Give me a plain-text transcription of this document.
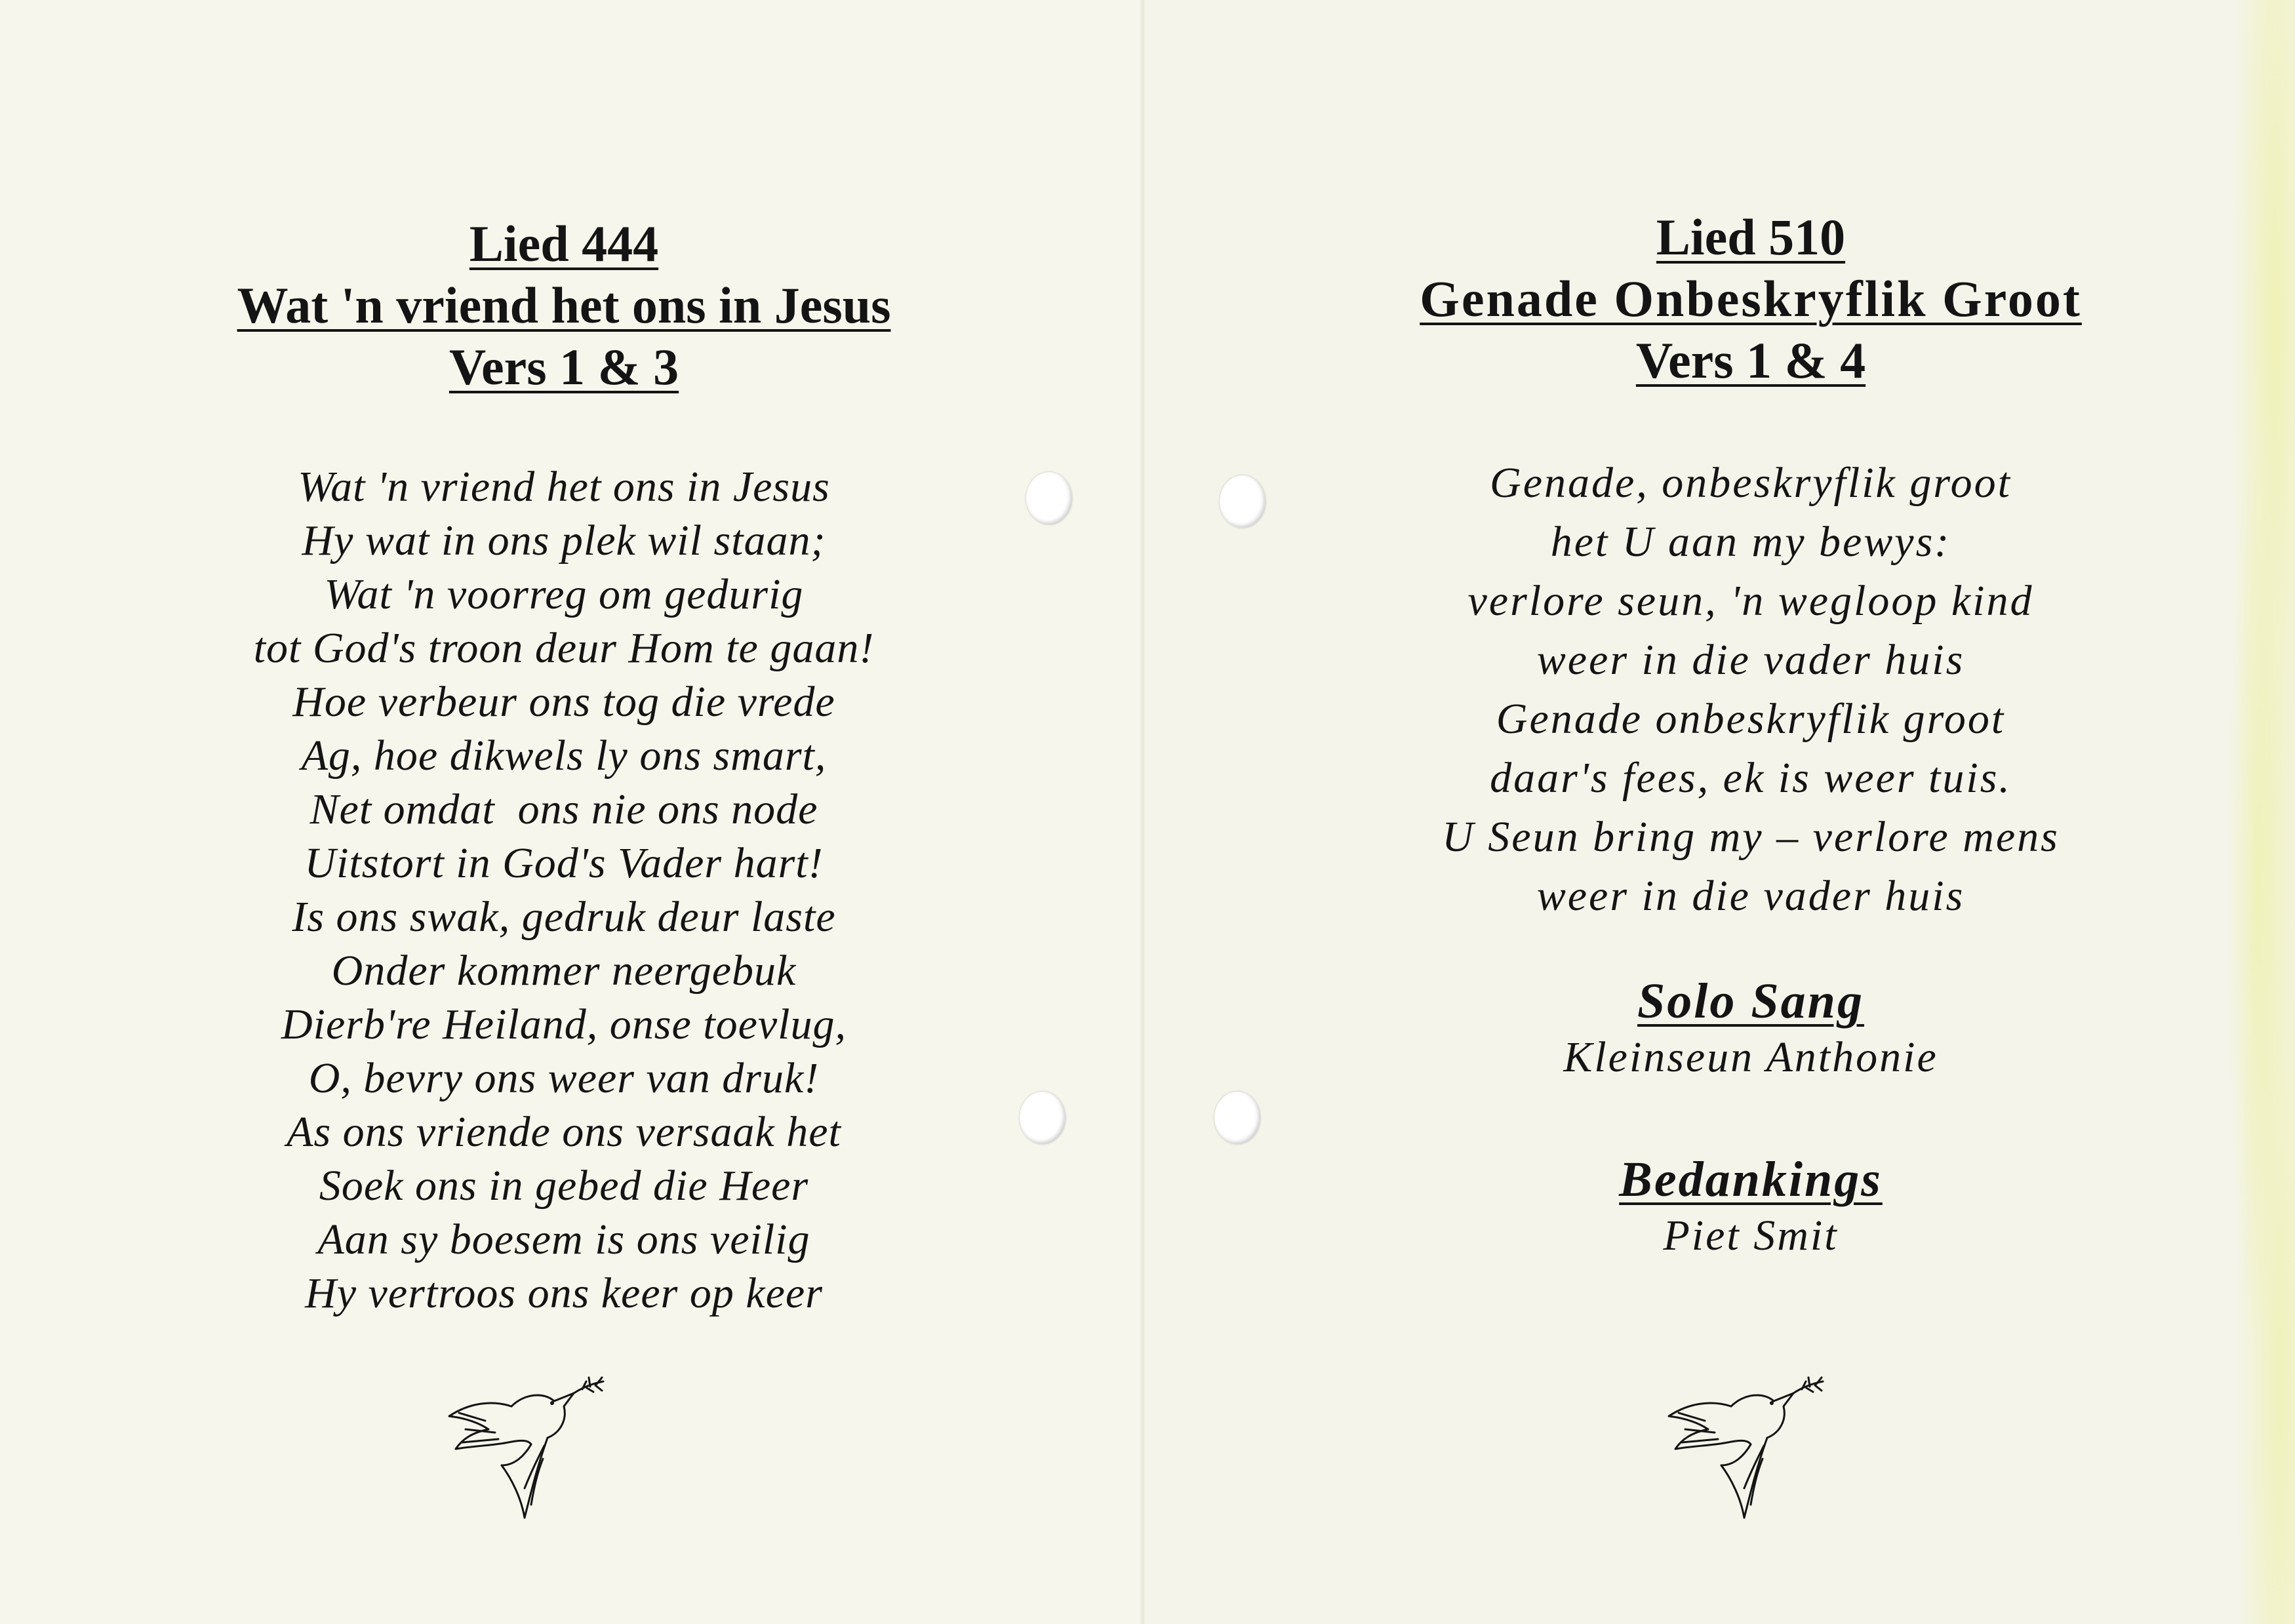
Lied 444

Wat 'n vriend het ons in Jesus

Vers 1 & 3

Wat 'n vriend het ons in Jesus

Hy wat in ons plek wil staan;

Wat 'n voorreg om gedurig

tot God's troon deur Hom te gaan!

Hoe verbeur ons tog die vrede

Ag, hoe dikwels ly ons smart,

Net omdat  ons nie ons node

Uitstort in God's Vader hart!

Is ons swak, gedruk deur laste

Onder kommer neergebuk

Dierb're Heiland, onse toevlug,

O, bevry ons weer van druk!

As ons vriende ons versaak het

Soek ons in gebed die Heer

Aan sy boesem is ons veilig

Hy vertroos ons keer op keer

Lied 510

Genade Onbeskryflik Groot

Vers 1 & 4

Genade, onbeskryflik groot

het U aan my bewys:

verlore seun, 'n wegloop kind

weer in die vader huis

Genade onbeskryflik groot

daar's fees, ek is weer tuis.

U Seun bring my – verlore mens

weer in die vader huis

Solo Sang

Kleinseun Anthonie

Bedankings

Piet Smit
